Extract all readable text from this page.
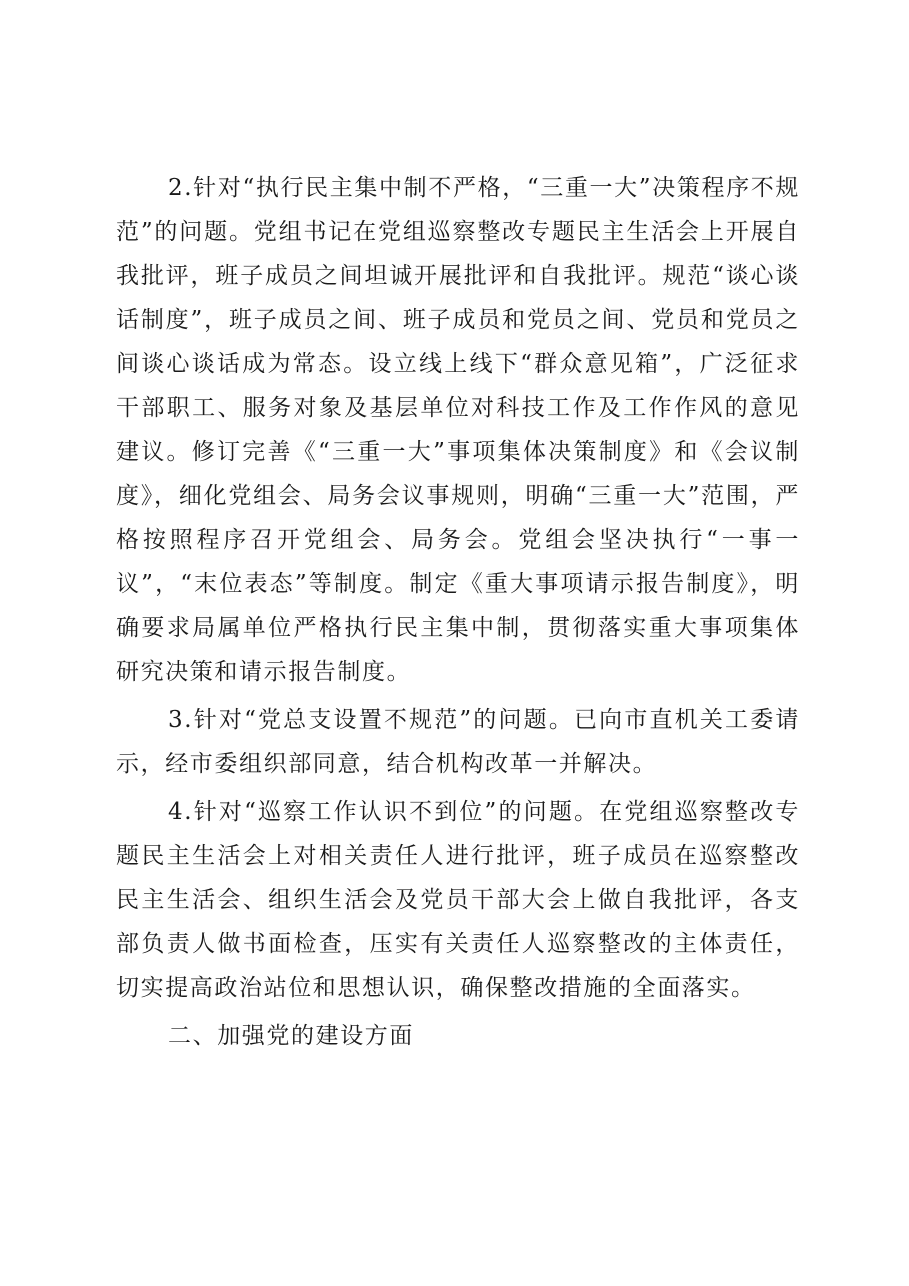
2.针对“执行民主集中制不严格，“三重一大”决策程序不规范”的问题。党组书记在党组巡察整改专题民主生活会上开展自我批评，班子成员之间坦诚开展批评和自我批评。规范“谈心谈话制度”，班子成员之间、班子成员和党员之间、党员和党员之间谈心谈话成为常态。设立线上线下“群众意见箱”，广泛征求干部职工、服务对象及基层单位对科技工作及工作作风的意见建议。修订完善《“三重一大”事项集体决策制度》和《会议制度》，细化党组会、局务会议事规则，明确“三重一大”范围，严格按照程序召开党组会、局务会。党组会坚决执行“一事一议”，“末位表态”等制度。制定《重大事项请示报告制度》，明确要求局属单位严格执行民主集中制，贯彻落实重大事项集体研究决策和请示报告制度。

3.针对“党总支设置不规范”的问题。已向市直机关工委请示，经市委组织部同意，结合机构改革一并解决。

4.针对“巡察工作认识不到位”的问题。在党组巡察整改专题民主生活会上对相关责任人进行批评，班子成员在巡察整改民主生活会、组织生活会及党员干部大会上做自我批评，各支部负责人做书面检查，压实有关责任人巡察整改的主体责任，切实提高政治站位和思想认识，确保整改措施的全面落实。

二、加强党的建设方面
